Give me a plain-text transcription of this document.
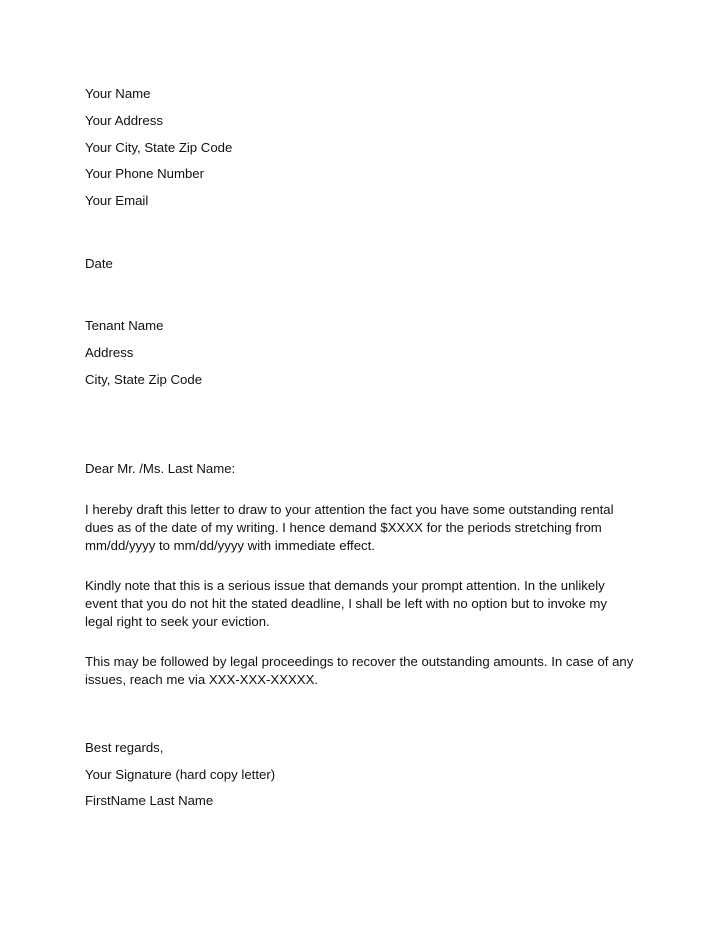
Your Name
Your Address
Your City, State Zip Code
Your Phone Number
Your Email
Date
Tenant Name
Address
City, State Zip Code
Dear Mr. /Ms. Last Name:

I hereby draft this letter to draw to your attention the fact you have some outstanding rental dues as of the date of my writing. I hence demand $XXXX for the periods stretching from mm/dd/yyyy to mm/dd/yyyy with immediate effect.

Kindly note that this is a serious issue that demands your prompt attention. In the unlikely event that you do not hit the stated deadline, I shall be left with no option but to invoke my legal right to seek your eviction.

This may be followed by legal proceedings to recover the outstanding amounts. In case of any issues, reach me via XXX-XXX-XXXXX.

Best regards,
Your Signature (hard copy letter)
FirstName Last Name
